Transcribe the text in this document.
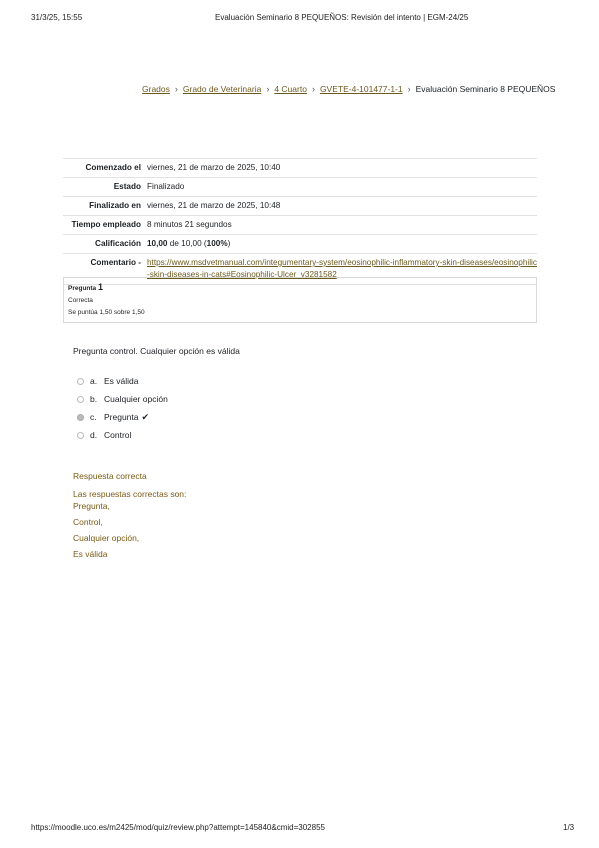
31/3/25, 15:55	Evaluación Seminario 8 PEQUEÑOS: Revisión del intento | EGM-24/25
Grados › Grado de Veterinaria › 4 Cuarto › GVETE-4-101477-1-1 › Evaluación Seminario 8 PEQUEÑOS
Comenzado el	viernes, 21 de marzo de 2025, 10:40
Estado	Finalizado
Finalizado en	viernes, 21 de marzo de 2025, 10:48
Tiempo empleado	8 minutos 21 segundos
Calificación	10,00 de 10,00 (100%)
Comentario -	https://www.msdvetmanual.com/integumentary-system/eosinophilic-inflammatory-skin-diseases/eosinophilic-skin-diseases-in-cats#Eosinophilic-Ulcer_v3281582
Pregunta 1
Correcta
Se puntúa 1,50 sobre 1,50
Pregunta control. Cualquier opción es válida
a. Es válida
b. Cualquier opción
c. Pregunta ✔
d. Control
Respuesta correcta
Las respuestas correctas son:
Pregunta,
Control,
Cualquier opción,
Es válida
https://moodle.uco.es/m2425/mod/quiz/review.php?attempt=145840&cmid=302855	1/3
